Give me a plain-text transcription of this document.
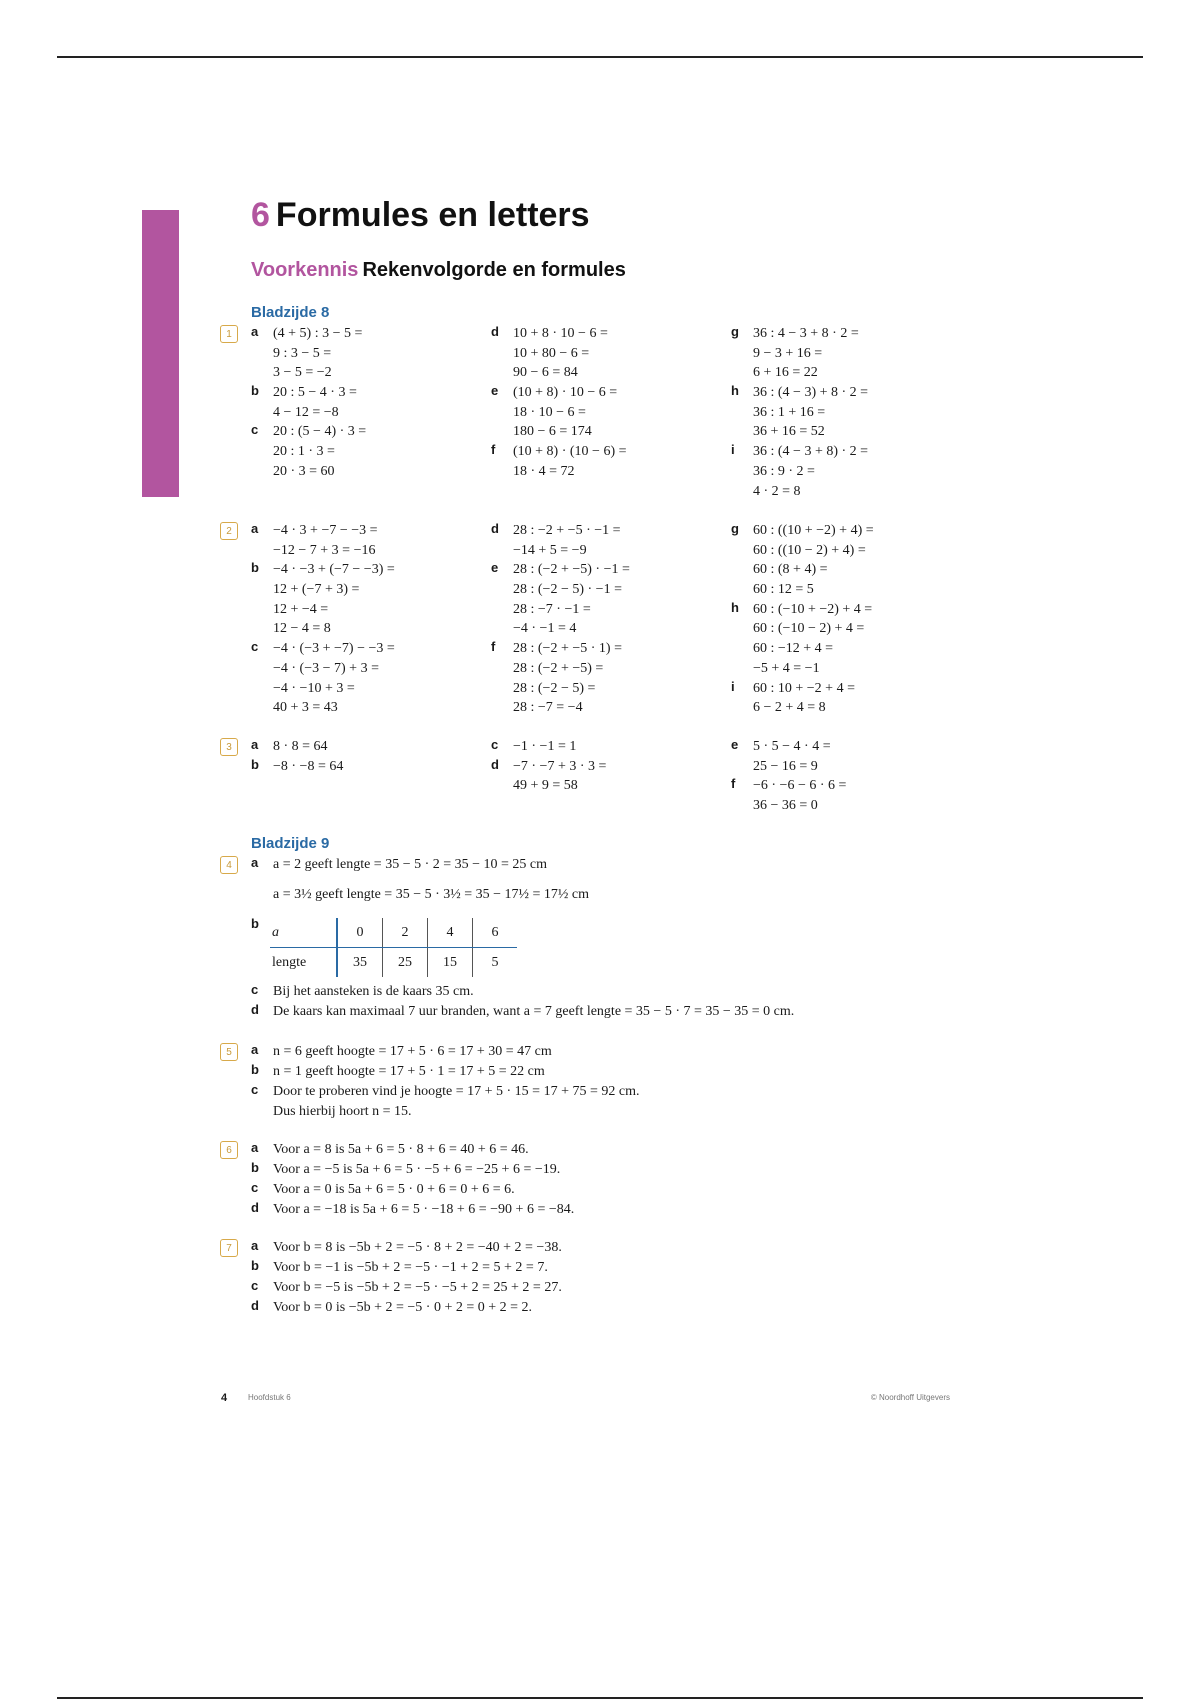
6 Formules en letters
Voorkennis Rekenvolgorde en formules
Bladzijde 8
1	a (4 + 5) : 3 − 5 =
9 : 3 − 5 =
3 − 5 = −2
b 20 : 5 − 4 · 3 =
4 − 12 = −8
c 20 : (5 − 4) · 3 =
20 : 1 · 3 =
20 · 3 = 60
d 10 + 8 · 10 − 6 =
10 + 80 − 6 =
90 − 6 = 84
e (10 + 8) · 10 − 6 =
18 · 10 − 6 =
180 − 6 = 174
f (10 + 8) · (10 − 6) =
18 · 4 = 72
g 36 : 4 − 3 + 8 · 2 =
9 − 3 + 16 =
6 + 16 = 22
h 36 : (4 − 3) + 8 · 2 =
36 : 1 + 16 =
36 + 16 = 52
i 36 : (4 − 3 + 8) · 2 =
36 : 9 · 2 =
4 · 2 = 8
2	a −4 · 3 + −7 − −3 =
−12 − 7 + 3 = −16
b −4 · −3 + (−7 − −3) =
12 + (−7 + 3) =
12 + −4 =
12 − 4 = 8
c −4 · (−3 + −7) − −3 =
−4 · (−3 − 7) + 3 =
−4 · −10 + 3 =
40 + 3 = 43
d 28 : −2 + −5 · −1 =
−14 + 5 = −9
e 28 : (−2 + −5) · −1 =
28 : (−2 − 5) · −1 =
28 : −7 · −1 =
−4 · −1 = 4
f 28 : (−2 + −5 · 1) =
28 : (−2 + −5) =
28 : (−2 − 5) =
28 : −7 = −4
g 60 : ((10 + −2) + 4) =
60 : ((10 − 2) + 4) =
60 : (8 + 4) =
60 : 12 = 5
h 60 : (−10 + −2) + 4 =
60 : (−10 − 2) + 4 =
60 : −12 + 4 =
−5 + 4 = −1
i 60 : 10 + −2 + 4 =
6 − 2 + 4 = 8
3	a 8 · 8 = 64
b −8 · −8 = 64
c −1 · −1 = 1
d −7 · −7 + 3 · 3 =
49 + 9 = 58
e 5 · 5 − 4 · 4 =
25 − 16 = 9
f −6 · −6 − 6 · 6 =
36 − 36 = 0
Bladzijde 9
4	a a = 2 geeft lengte = 35 − 5 · 2 = 35 − 10 = 25 cm
a = 3½ geeft lengte = 35 − 5 · 3½ = 35 − 17½ = 17½ cm
b
a	0	2	4	6
lengte	35	25	15	5
c Bij het aansteken is de kaars 35 cm.
d De kaars kan maximaal 7 uur branden, want a = 7 geeft lengte = 35 − 5 · 7 = 35 − 35 = 0 cm.
5	a n = 6 geeft hoogte = 17 + 5 · 6 = 17 + 30 = 47 cm
b n = 1 geeft hoogte = 17 + 5 · 1 = 17 + 5 = 22 cm
c Door te proberen vind je hoogte = 17 + 5 · 15 = 17 + 75 = 92 cm.
Dus hierbij hoort n = 15.
6	a Voor a = 8 is 5a + 6 = 5 · 8 + 6 = 40 + 6 = 46.
b Voor a = −5 is 5a + 6 = 5 · −5 + 6 = −25 + 6 = −19.
c Voor a = 0 is 5a + 6 = 5 · 0 + 6 = 0 + 6 = 6.
d Voor a = −18 is 5a + 6 = 5 · −18 + 6 = −90 + 6 = −84.
7	a Voor b = 8 is −5b + 2 = −5 · 8 + 2 = −40 + 2 = −38.
b Voor b = −1 is −5b + 2 = −5 · −1 + 2 = 5 + 2 = 7.
c Voor b = −5 is −5b + 2 = −5 · −5 + 2 = 25 + 2 = 27.
d Voor b = 0 is −5b + 2 = −5 · 0 + 2 = 0 + 2 = 2.
4	Hoofdstuk 6	© Noordhoff Uitgevers
